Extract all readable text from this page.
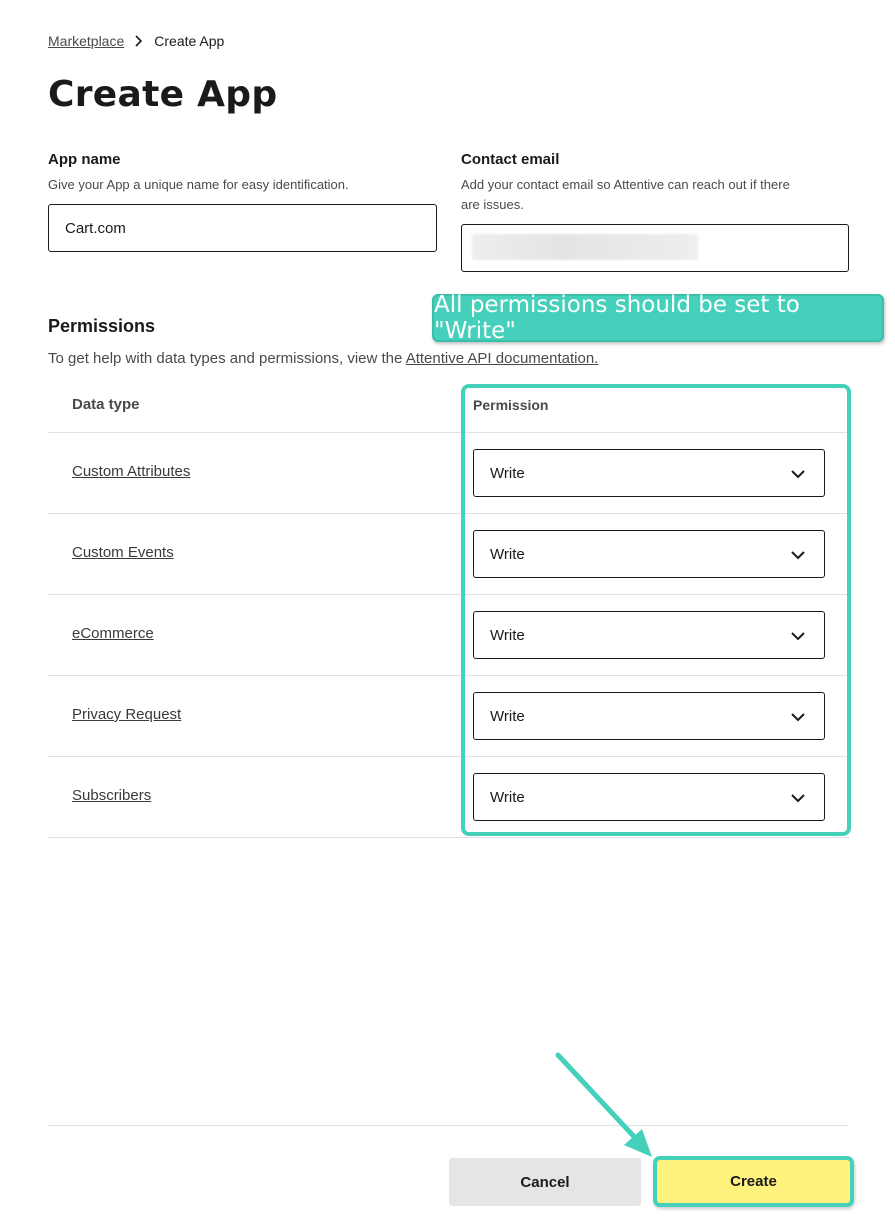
Marketplace Create App
Create App
App name
Give your App a unique name for easy identification.
Cart.com
Contact email
Add your contact email so Attentive can reach out if there
are issues.
Permissions

To get help with data types and permissions, view the Attentive API documentation.

All permissions should be set to "Write"
Data type	Permission
Custom Attributes	Write
Custom Events	Write
eCommerce	Write
Privacy Request	Write
Subscribers	Write
Cancel	Create
